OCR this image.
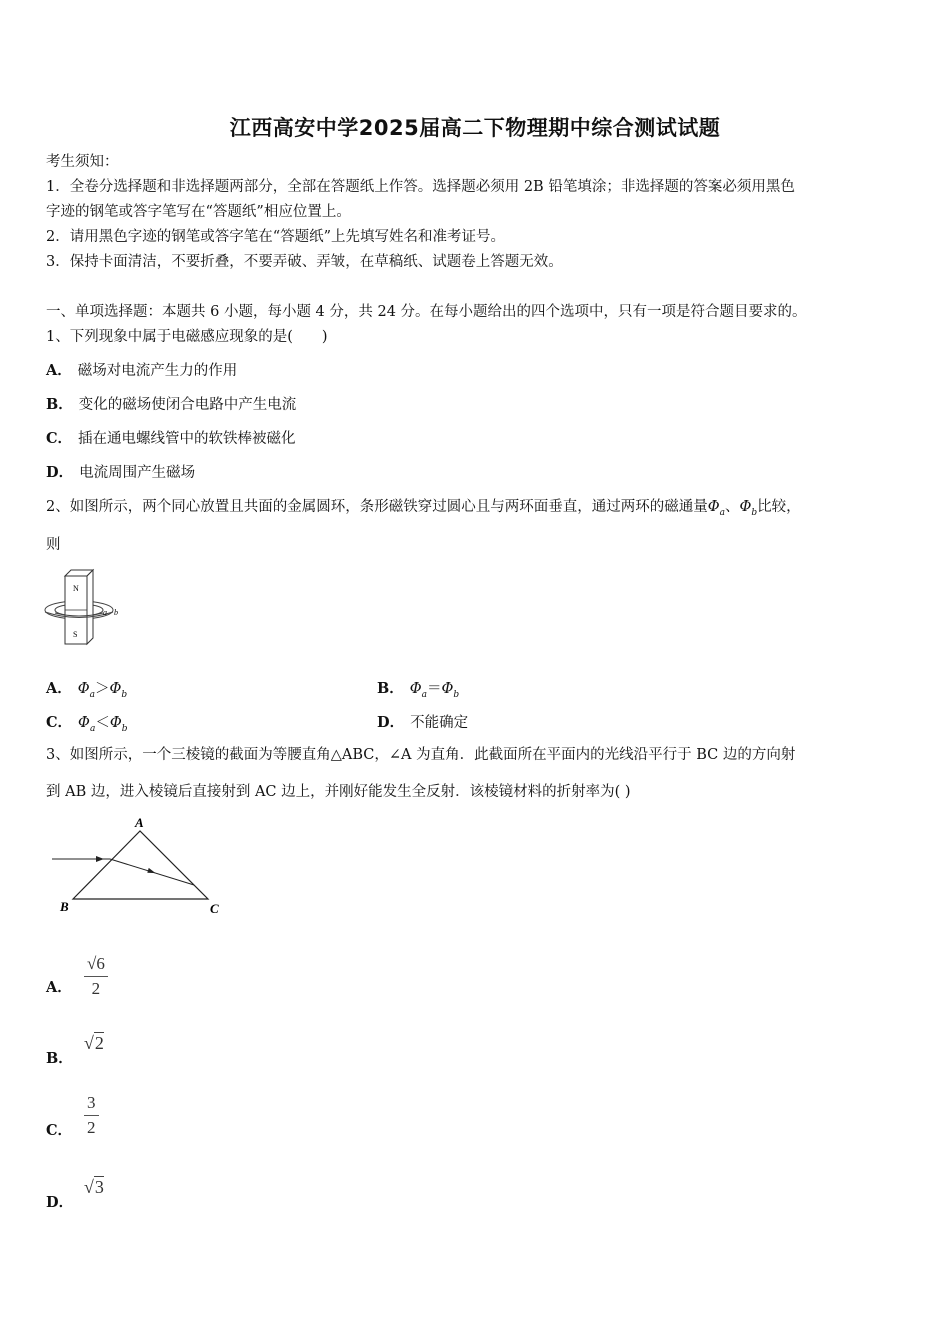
江西高安中学2025届高二下物理期中综合测试试题
考生须知：
1．全卷分选择题和非选择题两部分，全部在答题纸上作答。选择题必须用 2B 铅笔填涂；非选择题的答案必须用黑色
字迹的钢笔或答字笔写在“答题纸”相应位置上。
2．请用黑色字迹的钢笔或答字笔在“答题纸”上先填写姓名和准考证号。
3．保持卡面清洁，不要折叠，不要弄破、弄皱，在草稿纸、试题卷上答题无效。
一、单项选择题：本题共 6 小题，每小题 4 分，共 24 分。在每小题给出的四个选项中，只有一项是符合题目要求的。
1、下列现象中属于电磁感应现象的是(　　)
A． 磁场对电流产生力的作用
B． 变化的磁场使闭合电路中产生电流
C． 插在通电螺线管中的软铁棒被磁化
D． 电流周围产生磁场
2、如图所示，两个同心放置且共面的金属圆环，条形磁铁穿过圆心且与两环面垂直，通过两环的磁通量$\Phi_a$、$\Phi_b$比较，
则
N
S
a b
A． $\Phi_a>\Phi_b$	B． $\Phi_a=\Phi_b$
C． $\Phi_a<\Phi_b$	D． 不能确定
3、如图所示，一个三棱镜的截面为等腰直角△ABC，∠A 为直角．此截面所在平面内的光线沿平行于 BC 边的方向射
到 AB 边，进入棱镜后直接射到 AC 边上，并刚好能发生全反射．该棱镜材料的折射率为( )
A
B	C
A． $\frac{√6}{2}$
B．
√2
C． $\frac{3}{2}$
D．
√3
